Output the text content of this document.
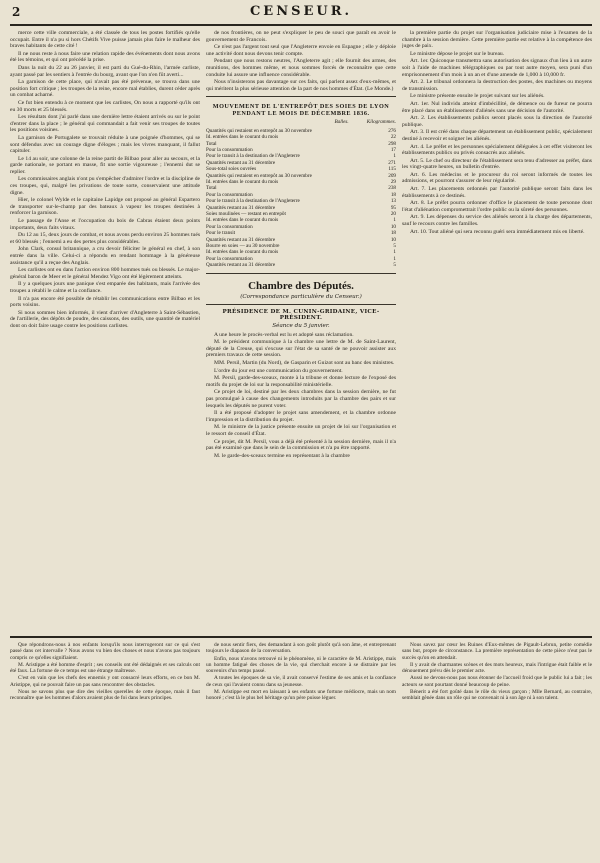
2	CENSEUR.

merce cette ville commerciale, a été classée de tous les postes fortifiés qu'elle occupait. Entre il n'a pu si hors Chétifs Vive puisse jamais plus faire le malheur des braves habitants de cette cité !

Il ne nous reste à nous faire une relation rapide des événements dont nous avons été les témoins, et qui ont précédé la prise.

Dans la nuit du 22 au 26 janvier, il est parti du Gué-du-Rhin, l'armée carliste, ayant passé par les sentiers à l'entrée du bourg, avant que l'on n'en fût averti...

La garnison de cette place, qui n'avait pas été prévenue, se trouva dans une position fort critique ; les troupes de la reine, encore mal établies, durent céder après un combat acharné.

Ce fut bien entendu à ce moment que les carlistes, On nous a rapporté qu'ils ont eu 30 morts et 25 blessés.

Les résultats dont j'ai parlé dans une dernière lettre étaient arrivés ou sur le point d'entrer dans la place ; le général qui commandait a fait venir ses troupes de toutes les positions voisines.

La garnison de Portugalete se trouvait réduite à une poignée d'hommes, qui se sont défendus avec un courage digne d'éloges ; mais les vivres manquant, il fallut capituler.

Le 14 au soir, une colonne de la reine partit de Bilbao pour aller au secours, et la garde nationale, se portant en masse, fit une sortie vigoureuse ; l'ennemi dut se replier.

Les commissaires anglais n'ont pu s'empêcher d'admirer l'ordre et la discipline de ces troupes, qui, malgré les privations de toute sorte, conservaient une attitude digne.

Hier, le colonel Wylde et le capitaine Lapidge ont proposé au général Espartero de transporter sur-le-champ par des bateaux à vapeur les troupes destinées à renforcer la garnison.

Le passage de l'Anse et l'occupation du bois de Cabras étaient deux points importants, deux faits vitaux.

Du 12 au 15, deux jours de combat, et nous avons perdu environ 25 hommes tués et 60 blessés ; l'ennemi a eu des pertes plus considérables.

John Clark, consul britannique, a cru devoir féliciter le général en chef, à son entrée dans la ville. Celui-ci a répondu en rendant hommage à la généreuse assistance qu'il a reçue des Anglais.

Les carlistes ont eu dans l'action environ 800 hommes tués ou blessés. Le major-général baron de Meer et le général Mendez Vigo ont été légèrement atteints.

Il y a quelques jours une panique s'est emparée des habitants, mais l'arrivée des troupes a rétabli le calme et la confiance.

Il n'a pas encore été possible de rétablir les communications entre Bilbao et les ports voisins.

Si nous sommes bien informés, il vient d'arriver d'Angleterre à Saint-Sébastien, de l'artillerie, des dépôts de poudre, des caissons, des outils, une quantité de matériel dont on doit faire usage contre les positions carlistes.

de nos frontières, on ne peut s'expliquer le peu de souci que paraît en avoir le gouvernement de Francois.

Ce n'est pas l'argent tout seul que l'Angleterre envoie en Espagne ; elle y déploie une activité dont nous devons tenir compte.

Pendant que nous restons neutres, l'Angleterre agit ; elle fournit des armes, des munitions, des hommes même, et nous sommes forcés de reconnaître que cette conduite lui assure une influence considérable.

Nous n'insisterons pas davantage sur ces faits, qui parlent assez d'eux-mêmes, et qui méritent la plus sérieuse attention de la part de nos hommes d'État. (Le Monde.)

MOUVEMENT DE L'ENTREPÔT DES SOIES DE LYON PENDANT LE MOIS DE DÉCEMBRE 1836.
Balles.	Kilogrammes.
Quantités qui restaient en entrepôt au 30 novembre	276
Id. entrées dans le courant du mois	22
Total	298
Pour la consommation	17
Pour le transit à la destination de l'Angleterre	1
Quantités restant au 31 décembre	271
Sous-total soies ouvrées	115
Quantités qui restaient en entrepôt au 30 novembre	209
Id. entrées dans le courant du mois	29
Total	238
Pour la consommation	18
Pour le transit à la destination de l'Angleterre	13
Quantités restant au 31 décembre	95
Soies moulinées — restant en entrepôt	20
Id. entrées dans le courant du mois	1
Pour la consommation	10
Pour le transit	18
Quantités restant au 31 décembre	10
Bourre en soies — au 30 novembre	5
Id. entrées dans le courant du mois	1
Pour la consommation	1
Quantités restant au 31 décembre	5
Chambre des Députés.
(Correspondance particulière du Censeur.)
PRÉSIDENCE DE M. CUNIN-GRIDAINE, VICE-PRÉSIDENT.
Séance du 5 janvier.

A une heure le procès-verbal est lu et adopté sans réclamation.

M. le président communique à la chambre une lettre de M. de Saint-Laurent, député de la Creuse, qui s'excuse sur l'état de sa santé de ne pouvoir assister aux premiers travaux de cette session.

MM. Persil, Martin (du Nord), de Gasparin et Guizot sont au banc des ministres.

L'ordre du jour est une communication du gouvernement.

M. Persil, garde-des-sceaux, monte à la tribune et donne lecture de l'exposé des motifs du projet de loi sur la responsabilité ministérielle.

Ce projet de loi, destiné par les deux chambres dans la session dernière, ne fut pas promulgué à cause des changements introduits par la chambre des pairs et sur lesquels les députés ne purent voter.

Il a été proposé d'adopter le projet sans amendement, et la chambre ordonne l'impression et la distribution du projet.

M. le ministre de la justice présente ensuite un projet de loi sur l'organisation et le ressort de conseil d'État.

Ce projet, dit M. Persil, vous a déjà été présenté à la session dernière, mais il n'a pas été examiné que dans le sein de la commission et n'a pu être rapporté.

M. le garde-des-sceaux termine en représentant à la chambre

la première partie du projet sur l'organisation judiciaire mise à l'examen de la chambre à la session dernière. Cette première partie est relative à la compétence des juges de paix.

Le ministre dépose le projet sur le bureau.

Art. 1er. Quiconque transmettra sans autorisation des signaux d'un lieu à un autre soit à l'aide de machines télégraphiques ou par tout autre moyen, sera puni d'un emprisonnement d'un mois à un an et d'une amende de 1,000 à 10,000 fr.

Art. 2. Le tribunal ordonnera la destruction des postes, des machines ou moyens de transmission.

Le ministre présente ensuite le projet suivant sur les aliénés.

Art. 1er. Nul individu atteint d'imbécillité, de démence ou de fureur ne pourra être placé dans un établissement d'aliénés sans une décision de l'autorité.

Art. 2. Les établissements publics seront placés sous la direction de l'autorité publique.

Art. 3. Il est créé dans chaque département un établissement public, spécialement destiné à recevoir et soigner les aliénés.

Art. 4. Le préfet et les personnes spécialement déléguées à cet effet visiteront les établissements publics ou privés consacrés aux aliénés.

Art. 5. Le chef ou directeur de l'établissement sera tenu d'adresser au préfet, dans les vingt-quatre heures, un bulletin d'entrée.

Art. 6. Les médecins et le procureur du roi seront informés de toutes les admissions, et pourront s'assurer de leur régularité.

Art. 7. Les placements ordonnés par l'autorité publique seront faits dans les établissements à ce destinés.

Art. 8. Le préfet pourra ordonner d'office le placement de toute personne dont l'état d'aliénation compromettrait l'ordre public ou la sûreté des personnes.

Art. 9. Les dépenses du service des aliénés seront à la charge des départements, sauf le recours contre les familles.

Art. 10. Tout aliéné qui sera reconnu guéri sera immédiatement mis en liberté.

Que répondrons-nous à nos enfants lorsqu'ils nous interrogeront sur ce qui s'est passé dans cet intervalle ? Nous avons vu bien des choses et nous n'avons pas toujours compris ce qu'elles signifiaient.

M. Aristippe a été homme d'esprit ; ses conseils ont été dédaignés et ses calculs ont été faux. La fortune de ce temps est une étrange maîtresse.

C'est en vain que les chefs des ennemis y ont consacré leurs efforts, en ce bon M. Aristippe, qui ne pouvait faire un pas sans rencontrer des obstacles.

Nous ne savons plus que dire des vieilles querelles de cette époque, mais il faut reconnaître que les hommes d'alors avaient plus de foi dans leurs principes.

de nous sentir fiers, des demandant à son goût plutôt qu'à son âme, et entreprenant toujours le diapason de la conversation.

Enfin, nous n'avons retrouvé ni le phénomène, ni le caractère de M. Aristippe, mais un homme fatigué des choses de la vie, qui cherchait encore à se distraire par les souvenirs d'un temps passé.

A toutes les époques de sa vie, il avait conservé l'estime de ses amis et la confiance de ceux qui l'avaient connu dans sa jeunesse.

M. Aristippe est mort en laissant à ses enfants une fortune médiocre, mais un nom honoré ; c'est là le plus bel héritage qu'un père puisse léguer.

Nous savez par cœur les Ruines d'Eux-mêmes de Pigault-Lebrun, petite comédie sans but, propre de circonstance. La première représentation de cette pièce n'eut pas le succès qu'on en attendait.

Il y avait de charmantes scènes et des mots heureux, mais l'intrigue était faible et le dénouement prévu dès le premier acte.

Aussi ne devons-nous pas nous étonner de l'accueil froid que le public lui a fait ; les acteurs se sont pourtant donné beaucoup de peine.

Bénerit a été fort goûté dans le rôle du vieux garçon ; Mlle Bernard, au contraire, semblait gênée dans un rôle qui ne convenait ni à son âge ni à son talent.
